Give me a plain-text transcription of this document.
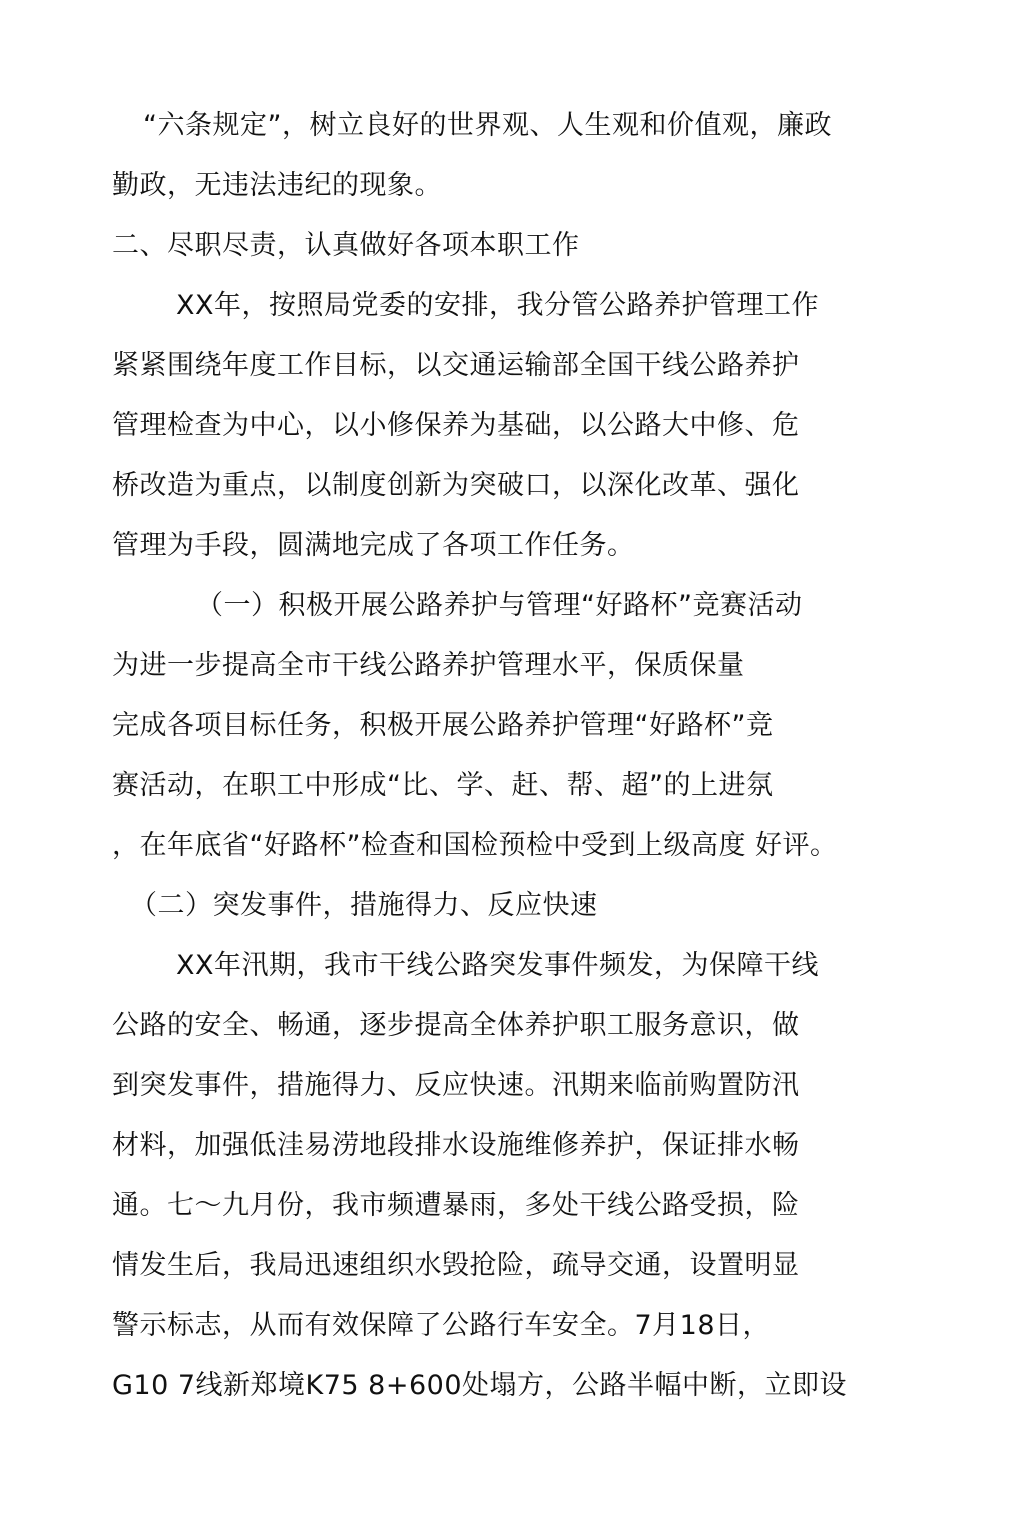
“六条规定”，树立良好的世界观、人生观和价值观，廉政
勤政，无违法违纪的现象。
二、尽职尽责，认真做好各项本职工作
XX年，按照局党委的安排，我分管公路养护管理工作
紧紧围绕年度工作目标，以交通运输部全国干线公路养护
管理检查为中心，以小修保养为基础，以公路大中修、危
桥改造为重点，以制度创新为突破口，以深化改革、强化
管理为手段，圆满地完成了各项工作任务。
（一）积极开展公路养护与管理“好路杯”竞赛活动
为进一步提高全市干线公路养护管理水平，保质保量
完成各项目标任务，积极开展公路养护管理“好路杯”竞
赛活动，在职工中形成“比、学、赶、帮、超”的上进氛
，在年底省“好路杯”检查和国检预检中受到上级高度 好评。
（二）突发事件，措施得力、反应快速
XX年汛期，我市干线公路突发事件频发，为保障干线
公路的安全、畅通，逐步提高全体养护职工服务意识，做
到突发事件，措施得力、反应快速。汛期来临前购置防汛
材料，加强低洼易涝地段排水设施维修养护，保证排水畅
通。七～九月份，我市频遭暴雨，多处干线公路受损，险
情发生后，我局迅速组织水毁抢险，疏导交通，设置明显
警示标志，从而有效保障了公路行车安全。7月18日，
G10 7线新郑境K75 8+600处塌方，公路半幅中断，立即设
